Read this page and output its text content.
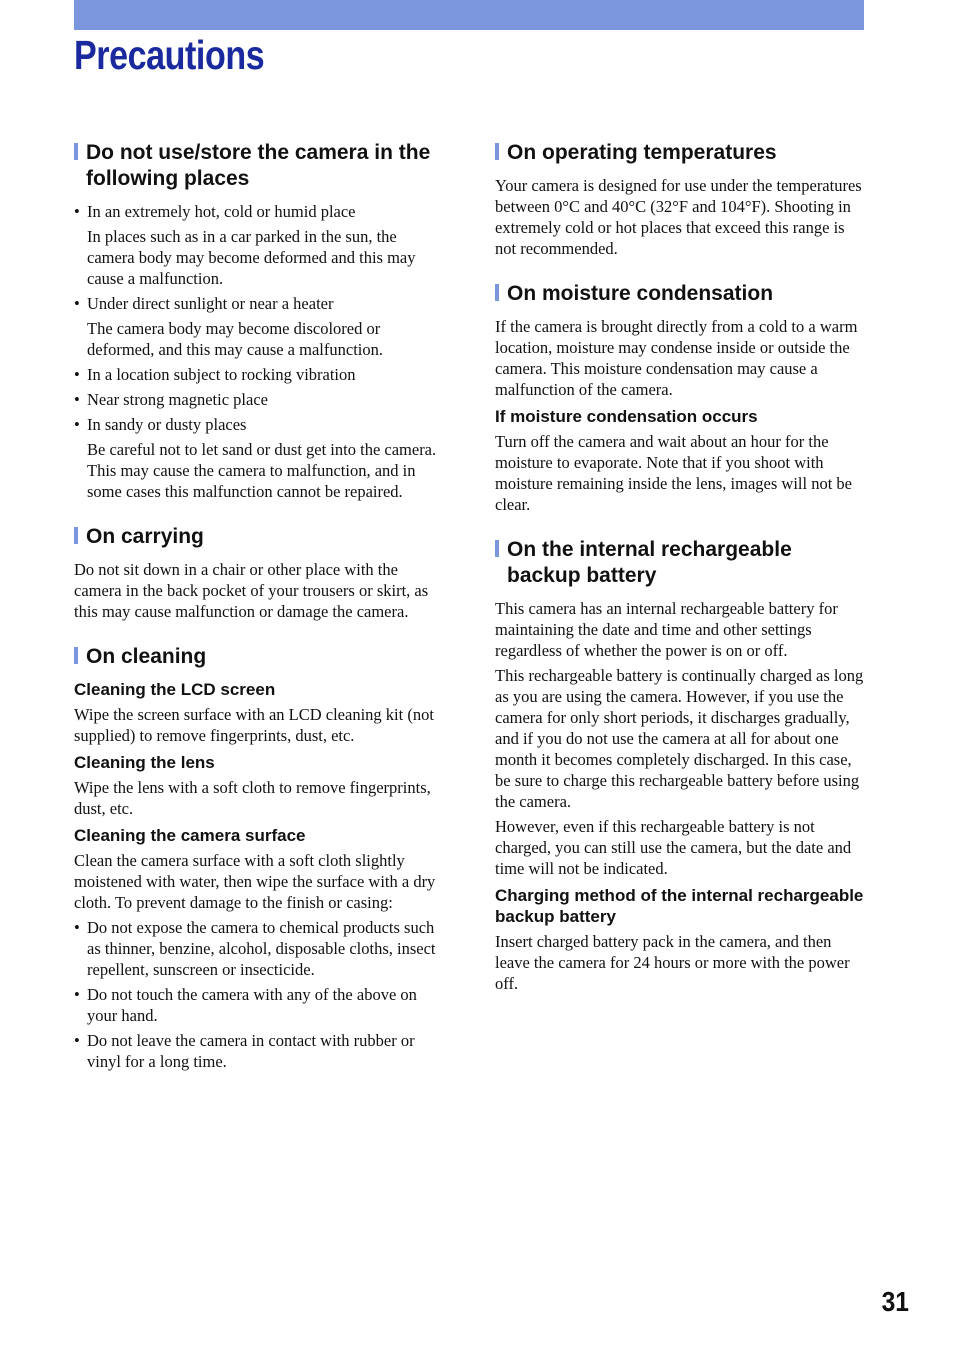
Precautions
Do not use/store the camera in the following places
• In an extremely hot, cold or humid place
In places such as in a car parked in the sun, the camera body may become deformed and this may cause a malfunction.
• Under direct sunlight or near a heater
The camera body may become discolored or deformed, and this may cause a malfunction.
• In a location subject to rocking vibration
• Near strong magnetic place
• In sandy or dusty places
Be careful not to let sand or dust get into the camera. This may cause the camera to malfunction, and in some cases this malfunction cannot be repaired.
On carrying

Do not sit down in a chair or other place with the camera in the back pocket of your trousers or skirt, as this may cause malfunction or damage the camera.

On cleaning
Cleaning the LCD screen

Wipe the screen surface with an LCD cleaning kit (not supplied) to remove fingerprints, dust, etc.

Cleaning the lens

Wipe the lens with a soft cloth to remove fingerprints, dust, etc.

Cleaning the camera surface

Clean the camera surface with a soft cloth slightly moistened with water, then wipe the surface with a dry cloth. To prevent damage to the finish or casing:

• Do not expose the camera to chemical products such as thinner, benzine, alcohol, disposable cloths, insect repellent, sunscreen or insecticide.
• Do not touch the camera with any of the above on your hand.
• Do not leave the camera in contact with rubber or vinyl for a long time.
On operating temperatures

Your camera is designed for use under the temperatures between 0°C and 40°C (32°F and 104°F). Shooting in extremely cold or hot places that exceed this range is not recommended.

On moisture condensation

If the camera is brought directly from a cold to a warm location, moisture may condense inside or outside the camera. This moisture condensation may cause a malfunction of the camera.

If moisture condensation occurs

Turn off the camera and wait about an hour for the moisture to evaporate. Note that if you shoot with moisture remaining inside the lens, images will not be clear.

On the internal rechargeable backup battery

This camera has an internal rechargeable battery for maintaining the date and time and other settings regardless of whether the power is on or off.

This rechargeable battery is continually charged as long as you are using the camera. However, if you use the camera for only short periods, it discharges gradually, and if you do not use the camera at all for about one month it becomes completely discharged. In this case, be sure to charge this rechargeable battery before using the camera.

However, even if this rechargeable battery is not charged, you can still use the camera, but the date and time will not be indicated.

Charging method of the internal rechargeable backup battery

Insert charged battery pack in the camera, and then leave the camera for 24 hours or more with the power off.

31
